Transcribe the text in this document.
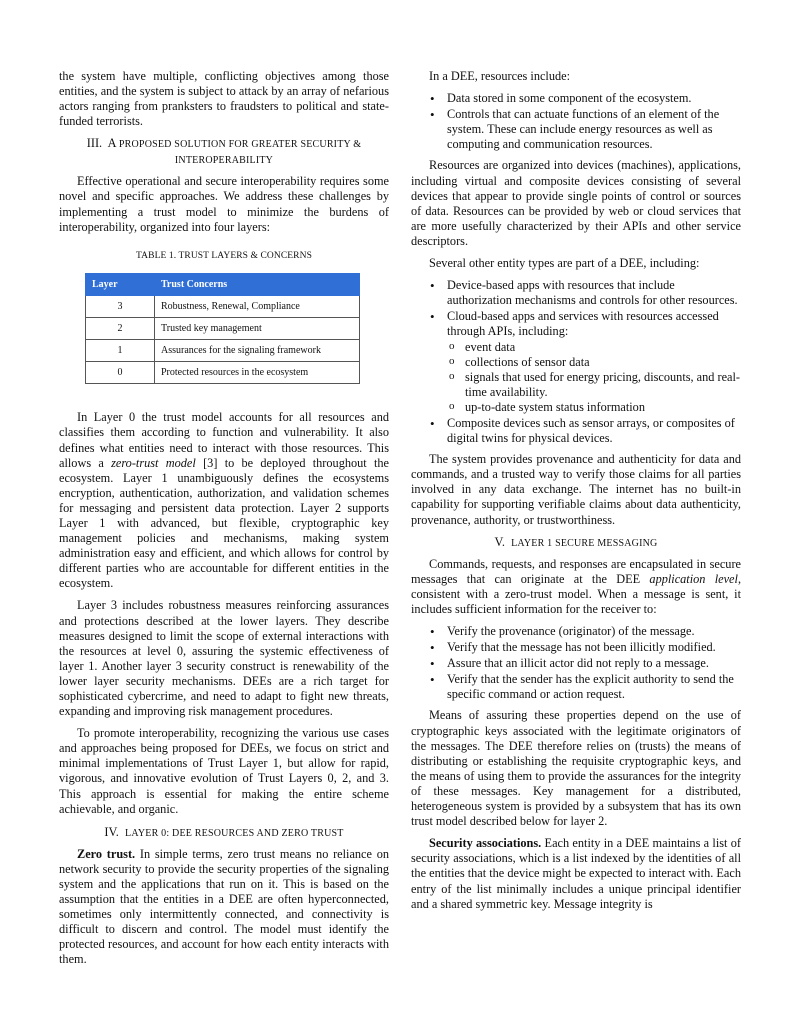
the system have multiple, conflicting objectives among those entities, and the system is subject to attack by an array of nefarious actors ranging from pranksters to fraudsters to political and state-funded terrorists.

III. A PROPOSED SOLUTION FOR GREATER SECURITY & INTEROPERABILITY

Effective operational and secure interoperability requires some novel and specific approaches. We address these challenges by implementing a trust model to minimize the burdens of interoperability, organized into four layers:

TABLE 1. TRUST LAYERS & CONCERNS
Layer	Trust Concerns
3	Robustness, Renewal, Compliance
2	Trusted key management
1	Assurances for the signaling framework
0	Protected resources in the ecosystem

In Layer 0 the trust model accounts for all resources and classifies them according to function and vulnerability. It also defines what entities need to interact with those resources. This allows a zero-trust model [3] to be deployed throughout the ecosystem. Layer 1 unambiguously defines the ecosystems encryption, authentication, authorization, and validation schemes for messaging and persistent data protection. Layer 2 supports Layer 1 with advanced, but flexible, cryptographic key management policies and mechanisms, making system administration easy and efficient, and which allows for control by different parties who are accountable for different entities in the ecosystem.

Layer 3 includes robustness measures reinforcing assurances and protections described at the lower layers. They describe measures designed to limit the scope of external interactions with the resources at level 0, assuring the systemic effectiveness of layer 1. Another layer 3 security construct is renewability of the lower layer security mechanisms. DEEs are a rich target for sophisticated cybercrime, and need to adapt to fight new threats, expanding and improving risk management procedures.

To promote interoperability, recognizing the various use cases and approaches being proposed for DEEs, we focus on strict and minimal implementations of Trust Layer 1, but allow for rapid, vigorous, and innovative evolution of Trust Layers 0, 2, and 3. This approach is essential for making the entire scheme achievable, and organic.

IV. LAYER 0: DEE RESOURCES AND ZERO TRUST

Zero trust. In simple terms, zero trust means no reliance on network security to provide the security properties of the signaling system and the applications that run on it. This is based on the assumption that the entities in a DEE are often hyperconnected, sometimes only intermittently connected, and connectivity is difficult to discern and control. The model must identify the protected resources, and account for how each entity interacts with them.

In a DEE, resources include:

• Data stored in some component of the ecosystem.
• Controls that can actuate functions of an element of the system. These can include energy resources as well as computing and communication resources.

Resources are organized into devices (machines), applications, including virtual and composite devices consisting of several devices that appear to provide single points of control or sources of data. Resources can be provided by web or cloud services that are more usefully characterized by their APIs and other service descriptors.

Several other entity types are part of a DEE, including:

• Device-based apps with resources that include authorization mechanisms and controls for other resources.
• Cloud-based apps and services with resources accessed through APIs, including:
o event data
o collections of sensor data
o signals that used for energy pricing, discounts, and real-time availability.
o up-to-date system status information
• Composite devices such as sensor arrays, or composites of digital twins for physical devices.

The system provides provenance and authenticity for data and commands, and a trusted way to verify those claims for all parties involved in any data exchange. The internet has no built-in capability for supporting verifiable claims about data authenticity, provenance, authority, or trustworthiness.

V. LAYER 1 SECURE MESSAGING

Commands, requests, and responses are encapsulated in secure messages that can originate at the DEE application level, consistent with a zero-trust model. When a message is sent, it includes sufficient information for the receiver to:

• Verify the provenance (originator) of the message.
• Verify that the message has not been illicitly modified.
• Assure that an illicit actor did not reply to a message.
• Verify that the sender has the explicit authority to send the specific command or action request.

Means of assuring these properties depend on the use of cryptographic keys associated with the legitimate originators of the messages. The DEE therefore relies on (trusts) the means of distributing or establishing the requisite cryptographic keys, and the means of using them to provide the assurances for the integrity of these messages. Key management for a distributed, heterogeneous system is provided by a subsystem that has its own trust model described below for layer 2.

Security associations. Each entity in a DEE maintains a list of security associations, which is a list indexed by the identities of all the entities that the device might be expected to interact with. Each entry of the list minimally includes a unique principal identifier and a shared symmetric key. Message integrity is
